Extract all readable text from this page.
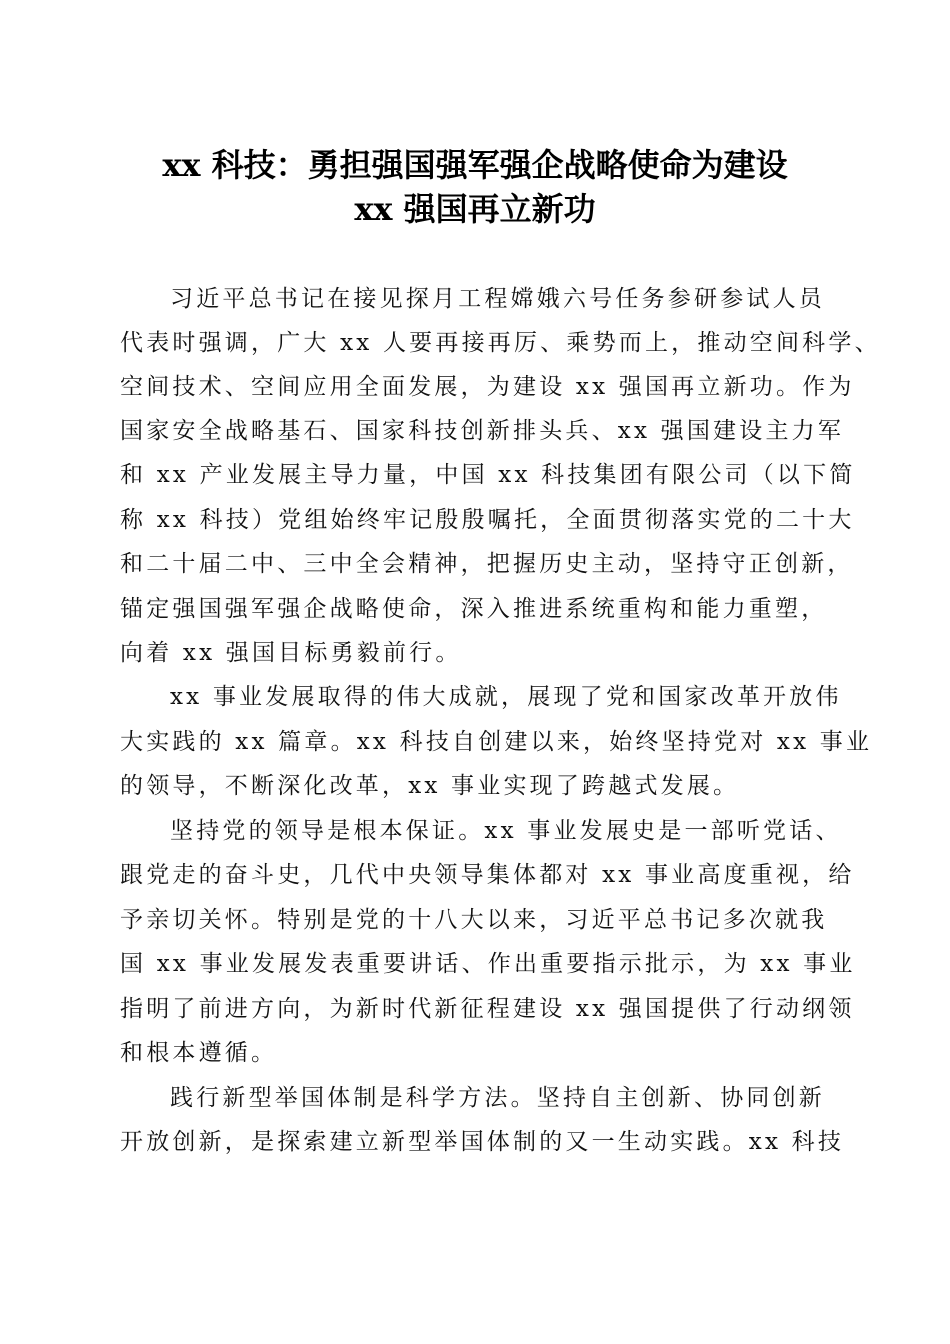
xx 科技：勇担强国强军强企战略使命为建设
xx 强国再立新功
习近平总书记在接见探月工程嫦娥六号任务参研参试人员
代表时强调，广大 xx 人要再接再厉、乘势而上，推动空间科学、
空间技术、空间应用全面发展，为建设 xx 强国再立新功。作为
国家安全战略基石、国家科技创新排头兵、xx 强国建设主力军
和 xx 产业发展主导力量，中国 xx 科技集团有限公司（以下简
称 xx 科技）党组始终牢记殷殷嘱托，全面贯彻落实党的二十大
和二十届二中、三中全会精神，把握历史主动，坚持守正创新，
锚定强国强军强企战略使命，深入推进系统重构和能力重塑，
向着 xx 强国目标勇毅前行。
xx 事业发展取得的伟大成就，展现了党和国家改革开放伟
大实践的 xx 篇章。xx 科技自创建以来，始终坚持党对 xx 事业
的领导，不断深化改革，xx 事业实现了跨越式发展。
坚持党的领导是根本保证。xx 事业发展史是一部听党话、
跟党走的奋斗史，几代中央领导集体都对 xx 事业高度重视，给
予亲切关怀。特别是党的十八大以来，习近平总书记多次就我
国 xx 事业发展发表重要讲话、作出重要指示批示，为 xx 事业
指明了前进方向，为新时代新征程建设 xx 强国提供了行动纲领
和根本遵循。
践行新型举国体制是科学方法。坚持自主创新、协同创新
开放创新，是探索建立新型举国体制的又一生动实践。xx 科技
